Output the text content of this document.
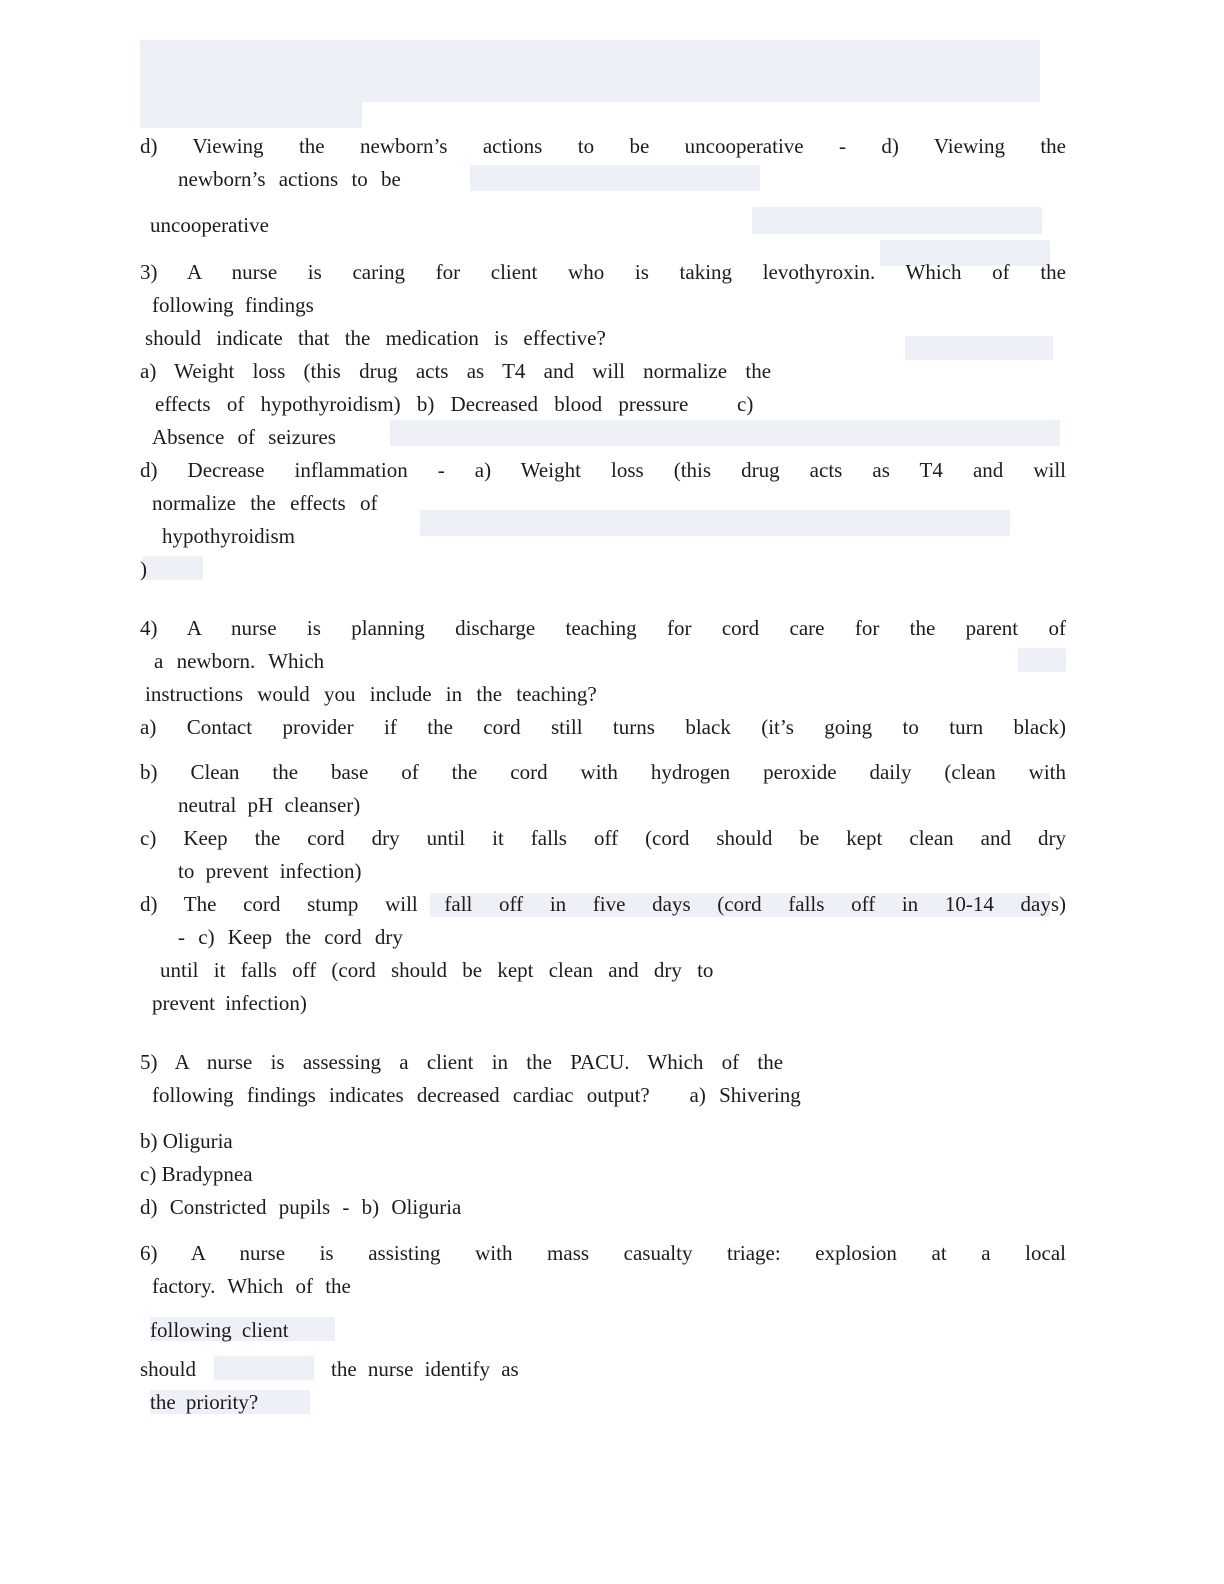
d) Viewing the newborn’s actions to be uncooperative - d) Viewing the
newborn’s actions to be
uncooperative
3) A nurse is caring for client who is taking levothyroxin. Which of the
following findings
should indicate that the medication is effective?
a) Weight loss (this drug acts as T4 and will normalize the
effects of hypothyroidism) b) Decreased blood pressure   c)
Absence of seizures
d) Decrease inflammation - a) Weight loss (this drug acts as T4 and will
normalize the effects of
hypothyroidism
)
4) A nurse is planning discharge teaching for cord care for the parent of
a newborn. Which
instructions would you include in the teaching?
a) Contact provider if the cord still turns black (it’s going to turn black)
b) Clean the base of the cord with hydrogen peroxide daily (clean with
neutral pH cleanser)
c) Keep the cord dry until it falls off (cord should be kept clean and dry
to prevent infection)
d) The cord stump will fall off in five days (cord falls off in 10-14 days)
- c) Keep the cord dry
until it falls off (cord should be kept clean and dry to
prevent infection)
5) A nurse is assessing a client in the PACU. Which of the
following findings indicates decreased cardiac output?   a) Shivering
b) Oliguria
c) Bradypnea
d) Constricted pupils - b) Oliguria
6) A nurse is assisting with mass casualty triage: explosion at a local
factory. Which of the
following client
should            the nurse identify as
the priority?
